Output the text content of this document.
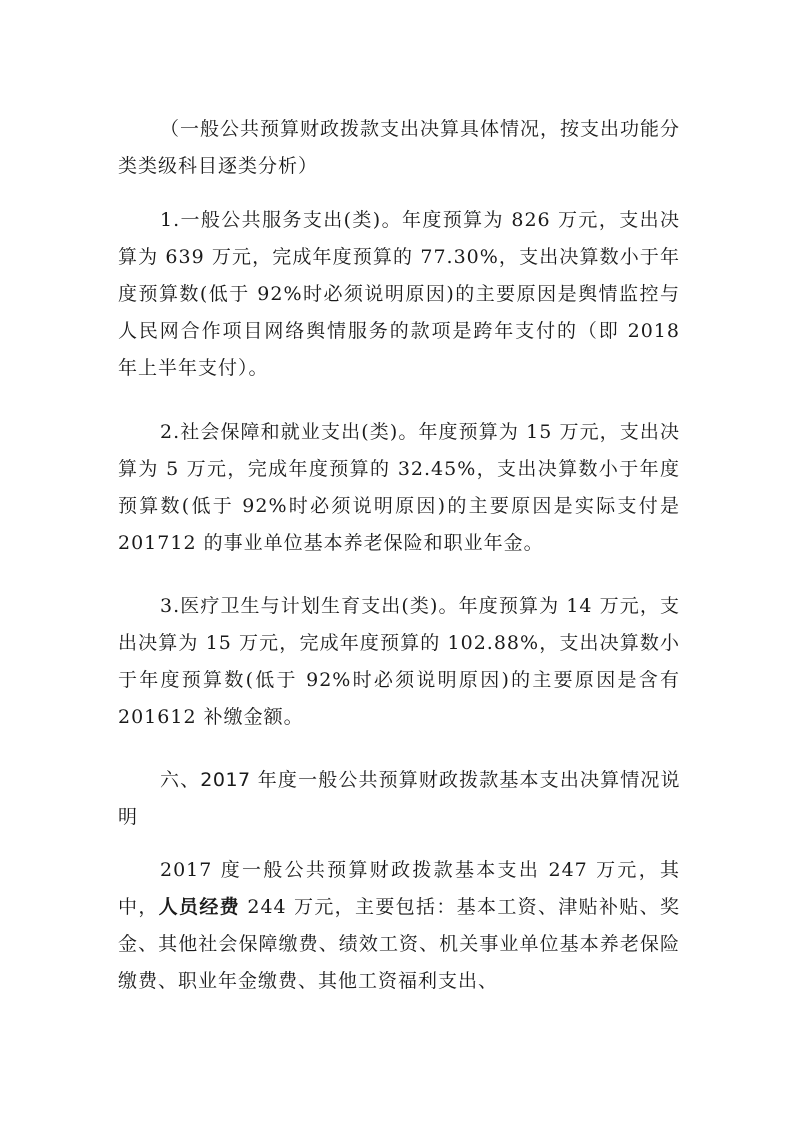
（一般公共预算财政拨款支出决算具体情况，按支出功能分类类级科目逐类分析）

1.一般公共服务支出(类)。年度预算为 826 万元，支出决算为 639 万元，完成年度预算的 77.30%，支出决算数小于年度预算数(低于 92%时必须说明原因)的主要原因是舆情监控与人民网合作项目网络舆情服务的款项是跨年支付的（即 2018 年上半年支付）。

2.社会保障和就业支出(类)。年度预算为 15 万元，支出决算为 5 万元，完成年度预算的 32.45%，支出决算数小于年度预算数(低于 92%时必须说明原因)的主要原因是实际支付是 201712 的事业单位基本养老保险和职业年金。

3.医疗卫生与计划生育支出(类)。年度预算为 14 万元，支出决算为 15 万元，完成年度预算的 102.88%，支出决算数小于年度预算数(低于 92%时必须说明原因)的主要原因是含有 201612 补缴金额。

六、2017 年度一般公共预算财政拨款基本支出决算情况说明

2017 度一般公共预算财政拨款基本支出 247 万元，其中，人员经费 244 万元，主要包括：基本工资、津贴补贴、奖金、其他社会保障缴费、绩效工资、机关事业单位基本养老保险缴费、职业年金缴费、其他工资福利支出、
